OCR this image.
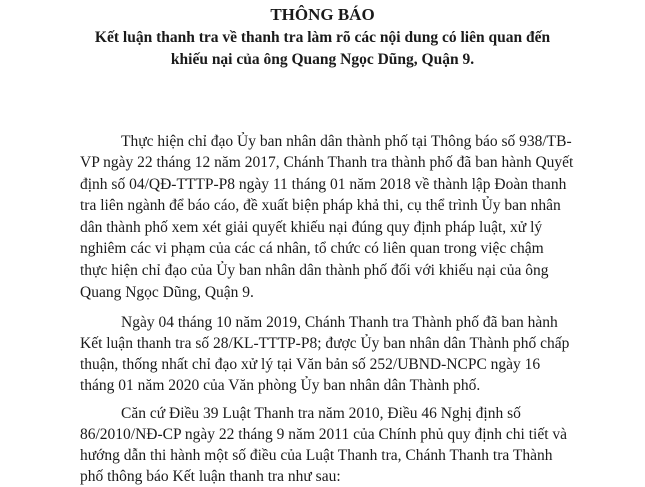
THÔNG BÁO
Kết luận thanh tra về thanh tra làm rõ các nội dung có liên quan đến
khiếu nại của ông Quang Ngọc Dũng, Quận 9.
Thực hiện chỉ đạo Ủy ban nhân dân thành phố tại Thông báo số 938/TB-
VP ngày 22 tháng 12 năm 2017, Chánh Thanh tra thành phố đã ban hành Quyết
định số 04/QĐ-TTTP-P8 ngày 11 tháng 01 năm 2018 về thành lập Đoàn thanh
tra liên ngành để báo cáo, đề xuất biện pháp khả thi, cụ thể trình Ủy ban nhân
dân thành phố xem xét giải quyết khiếu nại đúng quy định pháp luật, xử lý
nghiêm các vi phạm của các cá nhân, tổ chức có liên quan trong việc chậm
thực hiện chỉ đạo của Ủy ban nhân dân thành phố đối với khiếu nại của ông
Quang Ngọc Dũng, Quận 9.
Ngày 04 tháng 10 năm 2019, Chánh Thanh tra Thành phố đã ban hành
Kết luận thanh tra số 28/KL-TTTP-P8; được Ủy ban nhân dân Thành phố chấp
thuận, thống nhất chỉ đạo xử lý tại Văn bản số 252/UBND-NCPC ngày 16
tháng 01 năm 2020 của Văn phòng Ủy ban nhân dân Thành phố.
Căn cứ Điều 39 Luật Thanh tra năm 2010, Điều 46 Nghị định số
86/2010/NĐ-CP ngày 22 tháng 9 năm 2011 của Chính phủ quy định chi tiết và
hướng dẫn thi hành một số điều của Luật Thanh tra, Chánh Thanh tra Thành
phố thông báo Kết luận thanh tra như sau:
